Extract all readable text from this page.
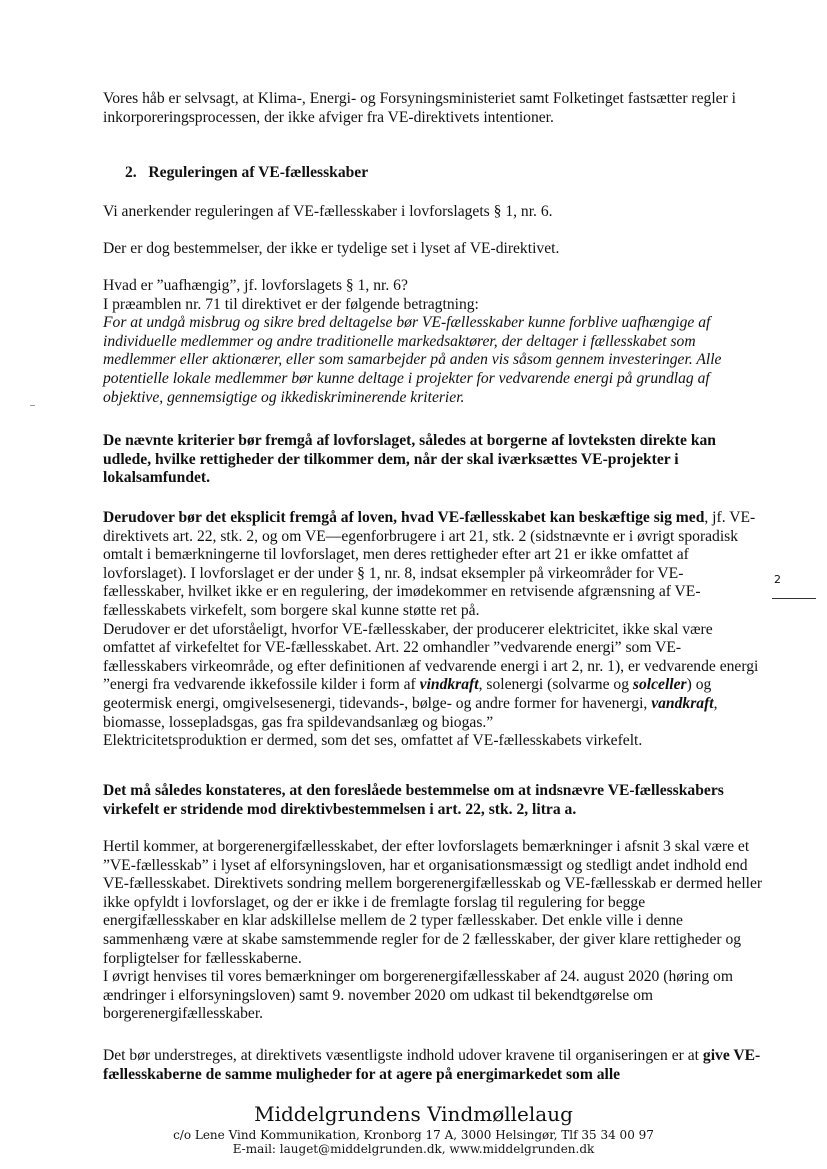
Vores håb er selvsagt, at Klima-, Energi- og Forsyningsministeriet samt Folketinget fastsætter regler i inkorporeringsprocessen, der ikke afviger fra VE-direktivets intentioner.

2. Reguleringen af VE-fællesskaber

Vi anerkender reguleringen af VE-fællesskaber i lovforslagets § 1, nr. 6.

Der er dog bestemmelser, der ikke er tydelige set i lyset af VE-direktivet.

Hvad er ”uafhængig”, jf. lovforslagets § 1, nr. 6?

I præamblen nr. 71 til direktivet er der følgende betragtning:

For at undgå misbrug og sikre bred deltagelse bør VE-fællesskaber kunne forblive uafhængige af individuelle medlemmer og andre traditionelle markedsaktører, der deltager i fællesskabet som medlemmer eller aktionærer, eller som samarbejder på anden vis såsom gennem investeringer. Alle potentielle lokale medlemmer bør kunne deltage i projekter for vedvarende energi på grundlag af objektive, gennemsigtige og ikkediskriminerende kriterier.

De nævnte kriterier bør fremgå af lovforslaget, således at borgerne af lovteksten direkte kan udlede, hvilke rettigheder der tilkommer dem, når der skal iværksættes VE-projekter i lokalsamfundet.

Derudover bør det eksplicit fremgå af loven, hvad VE-fællesskabet kan beskæftige sig med, jf. VE-direktivets art. 22, stk. 2, og om VE—egenforbrugere i art 21, stk. 2 (sidstnævnte er i øvrigt sporadisk omtalt i bemærkningerne til lovforslaget, men deres rettigheder efter art 21 er ikke omfattet af lovforslaget). I lovforslaget er der under § 1, nr. 8, indsat eksempler på virkeområder for VE-fællesskaber, hvilket ikke er en regulering, der imødekommer en retvisende afgrænsning af VE-fællesskabets virkefelt, som borgere skal kunne støtte ret på.

Derudover er det uforståeligt, hvorfor VE-fællesskaber, der producerer elektricitet, ikke skal være omfattet af virkefeltet for VE-fællesskabet. Art. 22 omhandler ”vedvarende energi” som VE-fællesskabers virkeområde, og efter definitionen af vedvarende energi i art 2, nr. 1), er vedvarende energi ”energi fra vedvarende ikkefossile kilder i form af vindkraft, solenergi (solvarme og solceller) og geotermisk energi, omgivelsesenergi, tidevands-, bølge- og andre former for havenergi, vandkraft, biomasse, lossepladsgas, gas fra spildevandsanlæg og biogas.”

Elektricitetsproduktion er dermed, som det ses, omfattet af VE-fællesskabets virkefelt.

Det må således konstateres, at den foreslåede bestemmelse om at indsnævre VE-fællesskabers virkefelt er stridende mod direktivbestemmelsen i art. 22, stk. 2, litra a.

Hertil kommer, at borgerenergifællesskabet, der efter lovforslagets bemærkninger i afsnit 3 skal være et ”VE-fællesskab” i lyset af elforsyningsloven, har et organisationsmæssigt og stedligt andet indhold end VE-fællesskabet. Direktivets sondring mellem borgerenergifællesskab og VE-fællesskab er dermed heller ikke opfyldt i lovforslaget, og der er ikke i de fremlagte forslag til regulering for begge energifællesskaber en klar adskillelse mellem de 2 typer fællesskaber. Det enkle ville i denne sammenhæng være at skabe samstemmende regler for de 2 fællesskaber, der giver klare rettigheder og forpligtelser for fællesskaberne.

I øvrigt henvises til vores bemærkninger om borgerenergifællesskaber af 24. august 2020 (høring om ændringer i elforsyningsloven) samt 9. november 2020 om udkast til bekendtgørelse om borgerenergifællesskaber.

Det bør understreges, at direktivets væsentligste indhold udover kravene til organiseringen er at give VE-fællesskaberne de samme muligheder for at agere på energimarkedet som alle

2
Middelgrundens Vindmøllelaug
c/o Lene Vind Kommunikation, Kronborg 17 A, 3000 Helsingør, Tlf 35 34 00 97
E-mail: lauget@middelgrunden.dk, www.middelgrunden.dk
